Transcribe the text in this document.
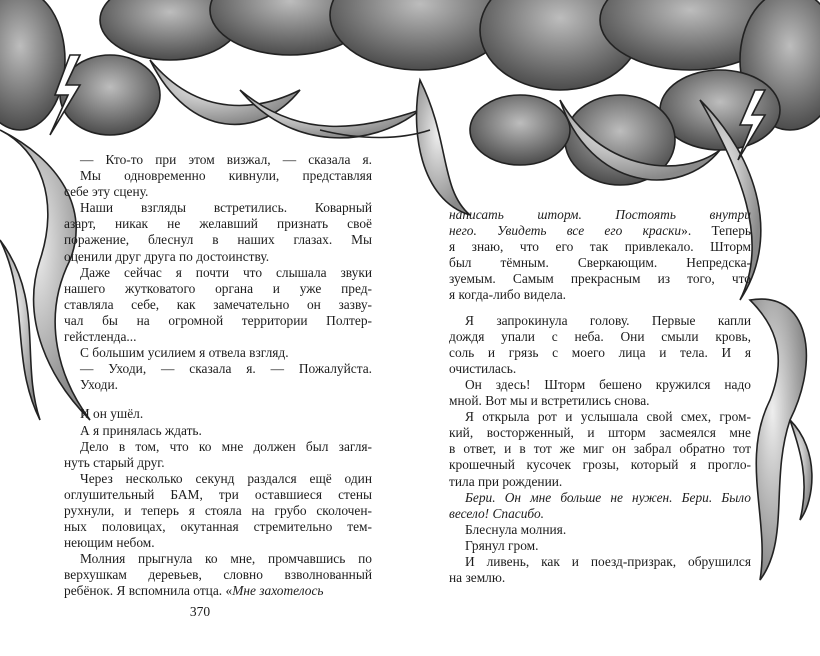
— Кто-то при этом визжал, — сказала я.
Мы одновременно кивнули, представляя
себе эту сцену.
Наши взгляды встретились. Коварный
азарт, никак не желавший признать своё
поражение, блеснул в наших глазах. Мы
оценили друг друга по достоинству.
Даже сейчас я почти что слышала звуки
нашего жутковатого органа и уже пред-
ставляла себе, как замечательно он зазву-
чал бы на огромной территории Полтер-
гейстленда...
С большим усилием я отвела взгляд.
— Уходи, — сказала я. — Пожалуйста.
Уходи.
И он ушёл.
А я принялась ждать.
Дело в том, что ко мне должен был загля-
нуть старый друг.
Через несколько секунд раздался ещё один
оглушительный БАМ, три оставшиеся стены
рухнули, и теперь я стояла на грубо сколочен-
ных половицах, окутанная стремительно тем-
неющим небом.
Молния прыгнула ко мне, промчавшись по
верхушкам деревьев, словно взволнованный
ребёнок. Я вспомнила отца. «Мне захотелось
написать шторм. Постоять внутри
него. Увидеть все его краски». Теперь
я знаю, что его так привлекало. Шторм
был тёмным. Сверкающим. Непредска-
зуемым. Самым прекрасным из того, что
я когда-либо видела.
Я запрокинула голову. Первые капли
дождя упали с неба. Они смыли кровь,
соль и грязь с моего лица и тела. И я
очистилась.
Он здесь! Шторм бешено кружился надо
мной. Вот мы и встретились снова.
Я открыла рот и услышала свой смех, гром-
кий, восторженный, и шторм засмеялся мне
в ответ, и в тот же миг он забрал обратно тот
крошечный кусочек грозы, который я прогло-
тила при рождении.
Бери. Он мне больше не нужен. Бери. Было
весело! Спасибо.
Блеснула молния.
Грянул гром.
И ливень, как и поезд-призрак, обрушился
на землю.
370
